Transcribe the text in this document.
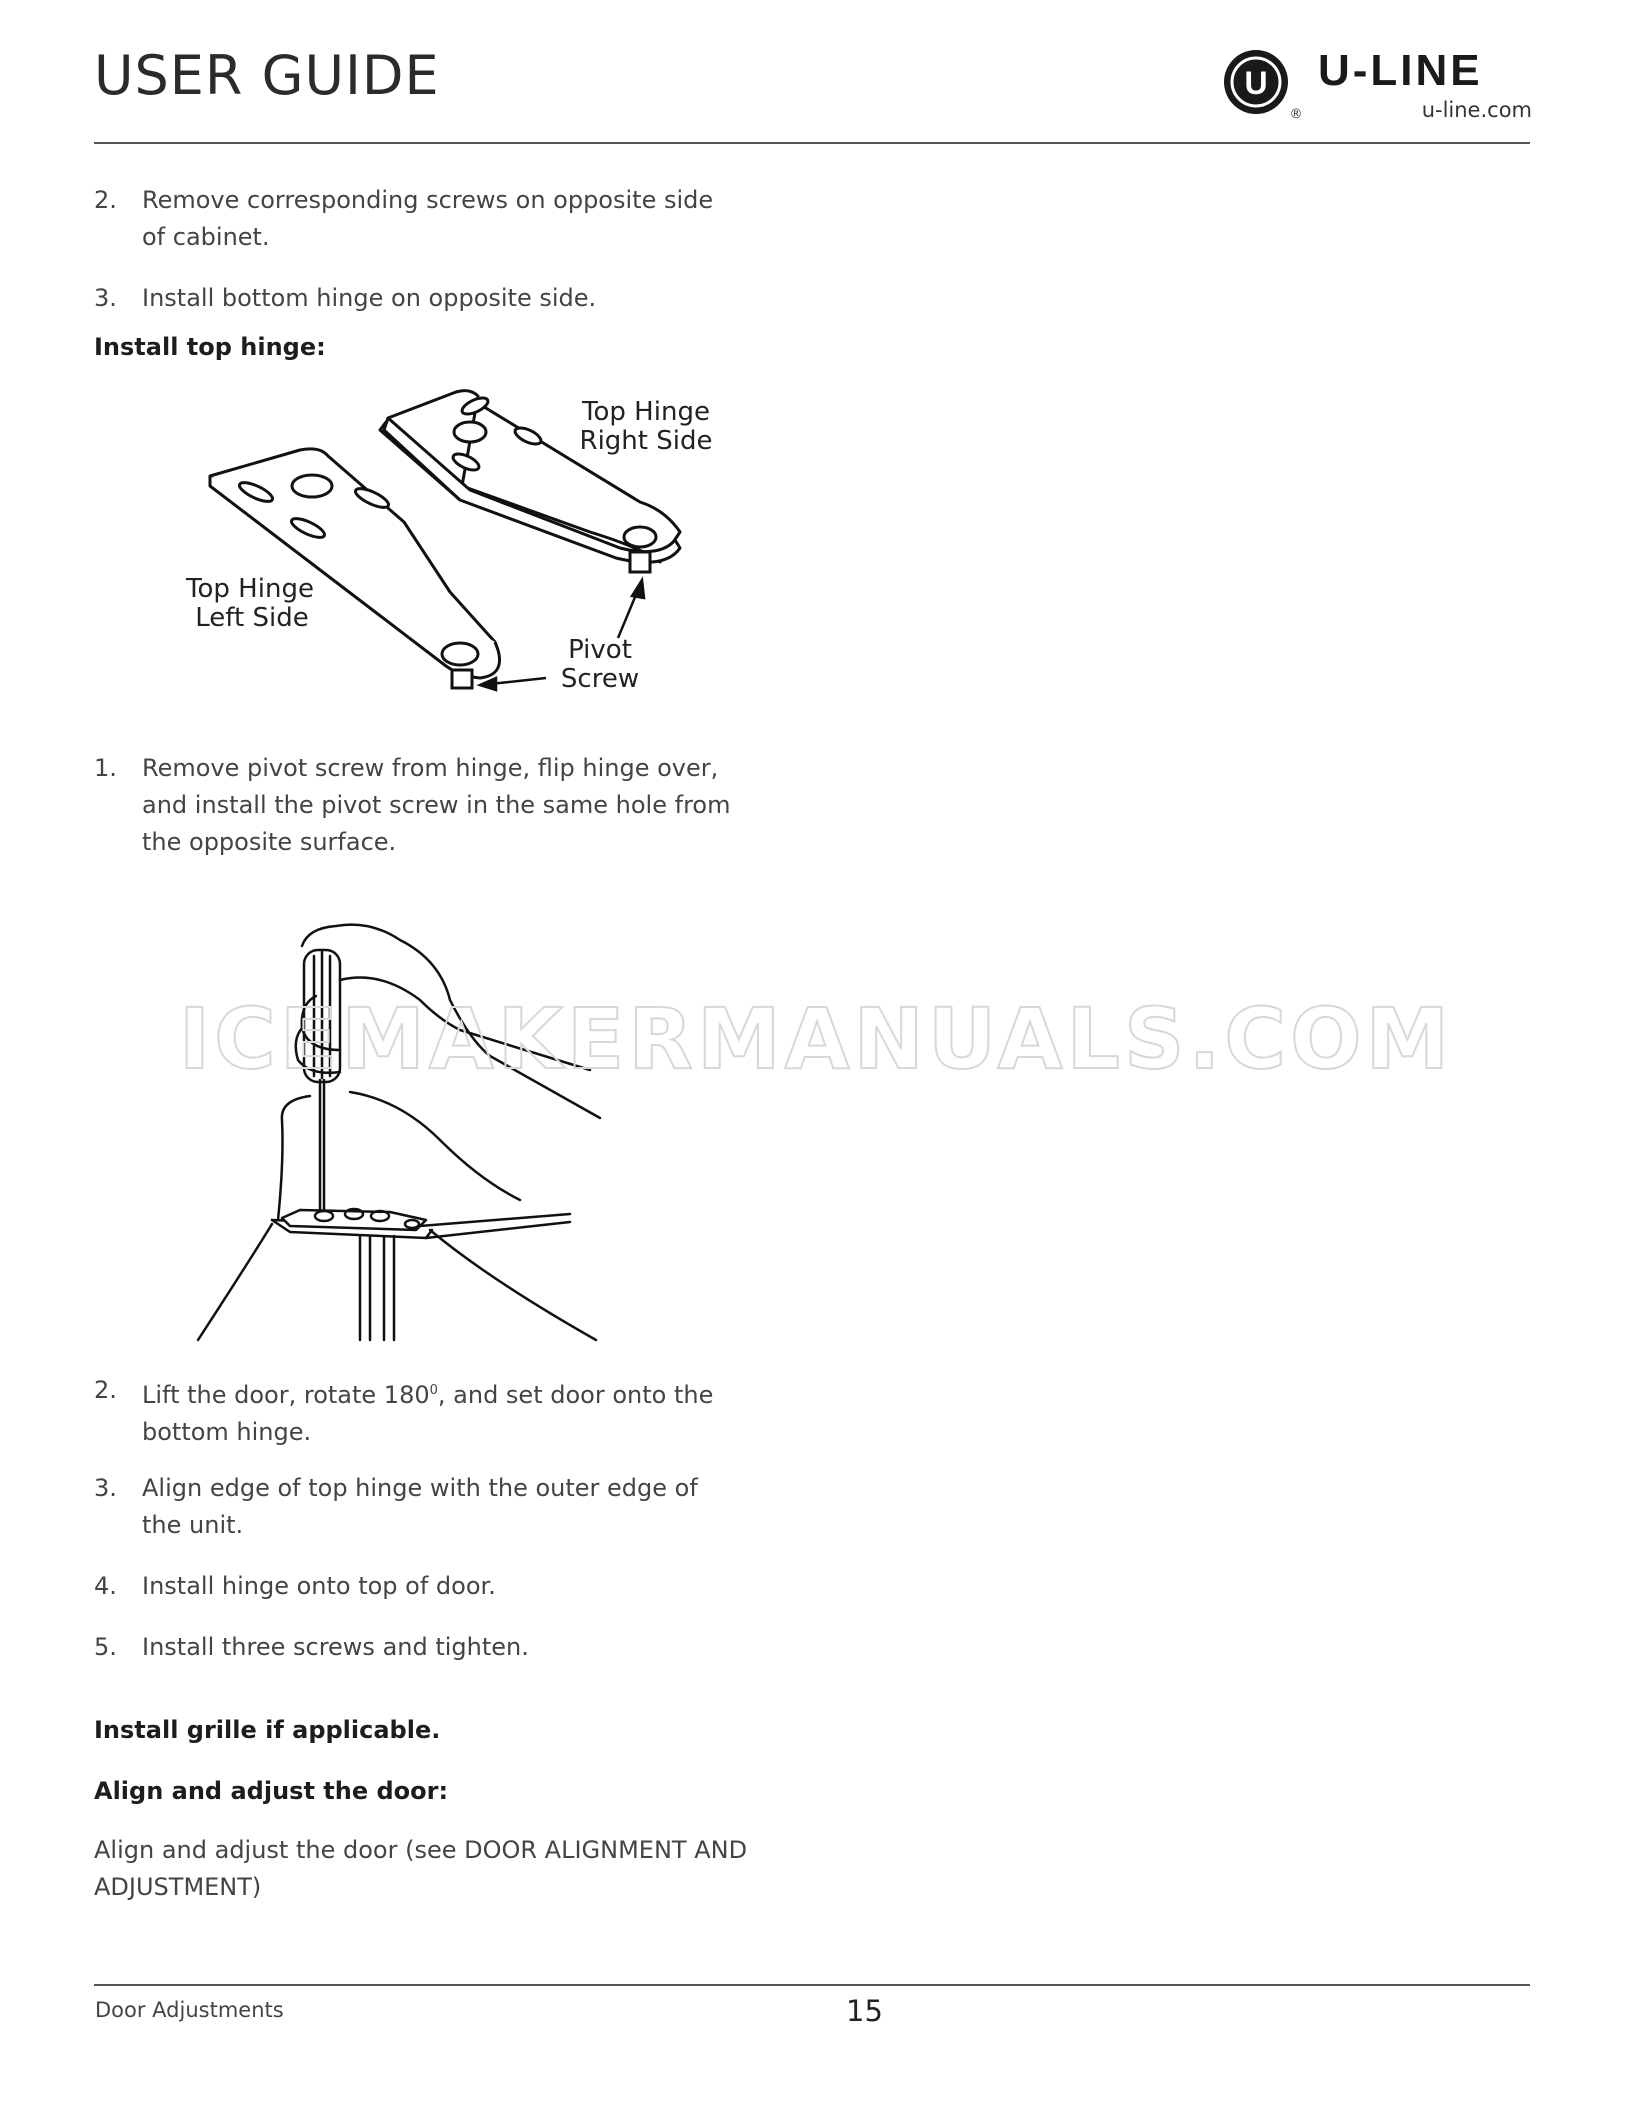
USER GUIDE	U
®
U-LINE
u-line.com
2.	Remove corresponding screws on opposite side of cabinet.
3.	Install bottom hinge on opposite side.
Install top hinge:
Top Hinge
Right Side
Top Hinge
Left Side
Pivot
Screw
1.	Remove pivot screw from hinge, flip hinge over, and install the pivot screw in the same hole from the opposite surface.
ICEMAKERMANUALS.COM
2.	Lift the door, rotate $180^0$, and set door onto the bottom hinge.
3.	Align edge of top hinge with the outer edge of the unit.
4.	Install hinge onto top of door.
5.	Install three screws and tighten.
Install grille if applicable.
Align and adjust the door:
Align and adjust the door (see DOOR ALIGNMENT AND ADJUSTMENT)
Door Adjustments	15
